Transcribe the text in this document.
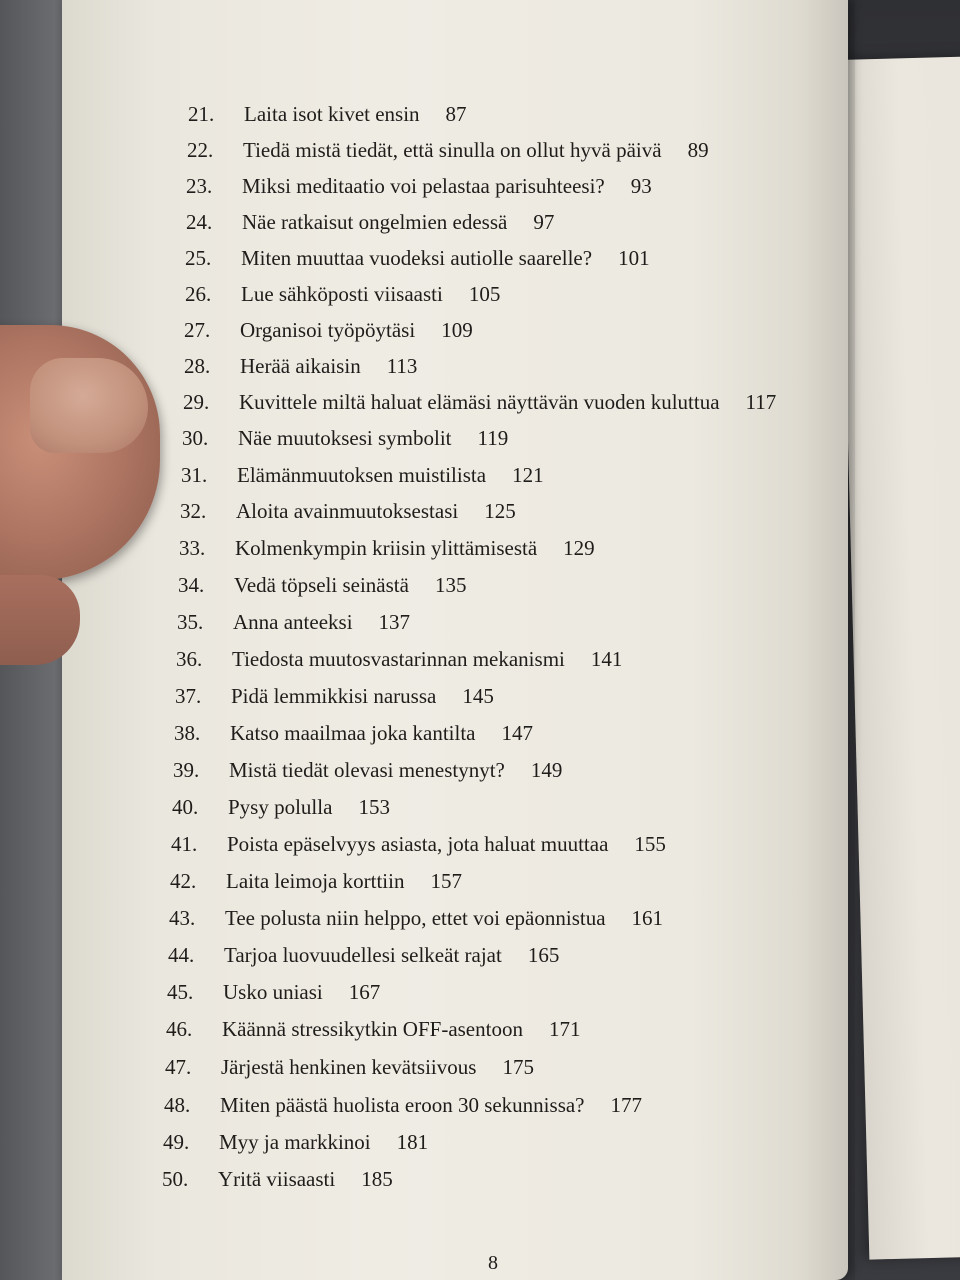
21. Laita isot kivet ensin 87
22. Tiedä mistä tiedät, että sinulla on ollut hyvä päivä 89
23. Miksi meditaatio voi pelastaa parisuhteesi? 93
24. Näe ratkaisut ongelmien edessä 97
25. Miten muuttaa vuodeksi autiolle saarelle? 101
26. Lue sähköposti viisaasti 105
27. Organisoi työpöytäsi 109
28. Herää aikaisin 113
29. Kuvittele miltä haluat elämäsi näyttävän vuoden kuluttua 117
30. Näe muutoksesi symbolit 119
31. Elämänmuutoksen muistilista 121
32. Aloita avainmuutoksestasi 125
33. Kolmenkympin kriisin ylittämisestä 129
34. Vedä töpseli seinästä 135
35. Anna anteeksi 137
36. Tiedosta muutosvastarinnan mekanismi 141
37. Pidä lemmikkisi narussa 145
38. Katso maailmaa joka kantilta 147
39. Mistä tiedät olevasi menestynyt? 149
40. Pysy polulla 153
41. Poista epäselvyys asiasta, jota haluat muuttaa 155
42. Laita leimoja korttiin 157
43. Tee polusta niin helppo, ettet voi epäonnistua 161
44. Tarjoa luovuudellesi selkeät rajat 165
45. Usko uniasi 167
46. Käännä stressikytkin OFF-asentoon 171
47. Järjestä henkinen kevätsiivous 175
48. Miten päästä huolista eroon 30 sekunnissa? 177
49. Myy ja markkinoi 181
50. Yritä viisaasti 185
8
